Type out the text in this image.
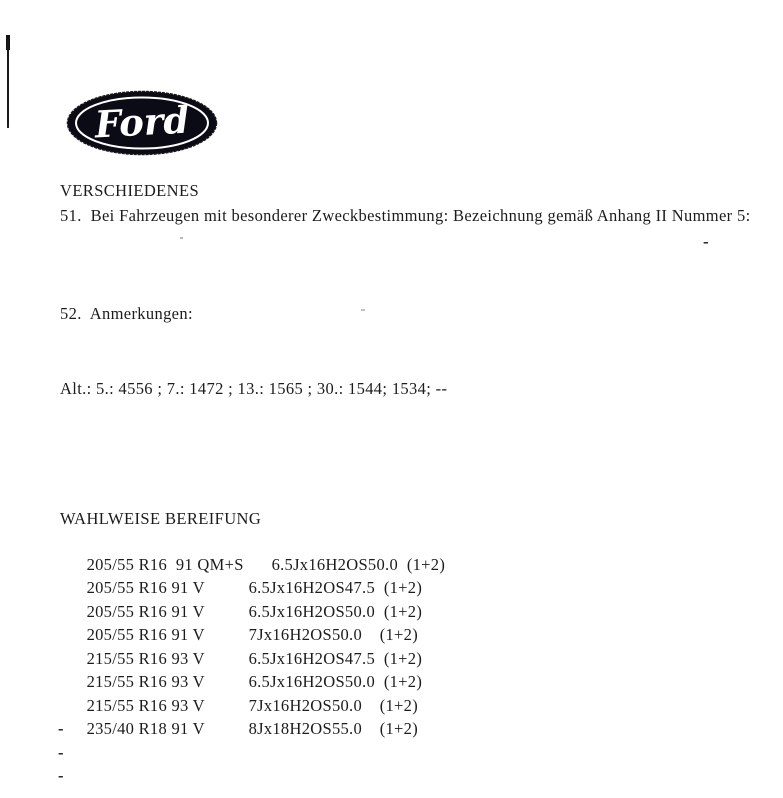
Ford
VERSCHIEDENES
51.  Bei Fahrzeugen mit besonderer Zweckbestimmung: Bezeichnung gemäß Anhang II Nummer 5:
-

52.  Anmerkungen:

Alt.: 5.: 4556 ; 7.: 1472 ; 13.: 1565 ; 30.: 1544; 1534; --

WAHLWEISE BEREIFUNG

205/55 R16  91 QM+S 6.5Jx16H2OS50.0  (1+2)

205/55 R16 91 V	6.5Jx16H2OS47.5  (1+2)

205/55 R16 91 V	6.5Jx16H2OS50.0  (1+2)

205/55 R16 91 V	7Jx16H2OS50.0    (1+2)

215/55 R16 93 V	6.5Jx16H2OS47.5  (1+2)

215/55 R16 93 V	6.5Jx16H2OS50.0  (1+2)

215/55 R16 93 V	7Jx16H2OS50.0    (1+2)

235/40 R18 91 V	8Jx18H2OS55.0    (1+2)

-
-
-
